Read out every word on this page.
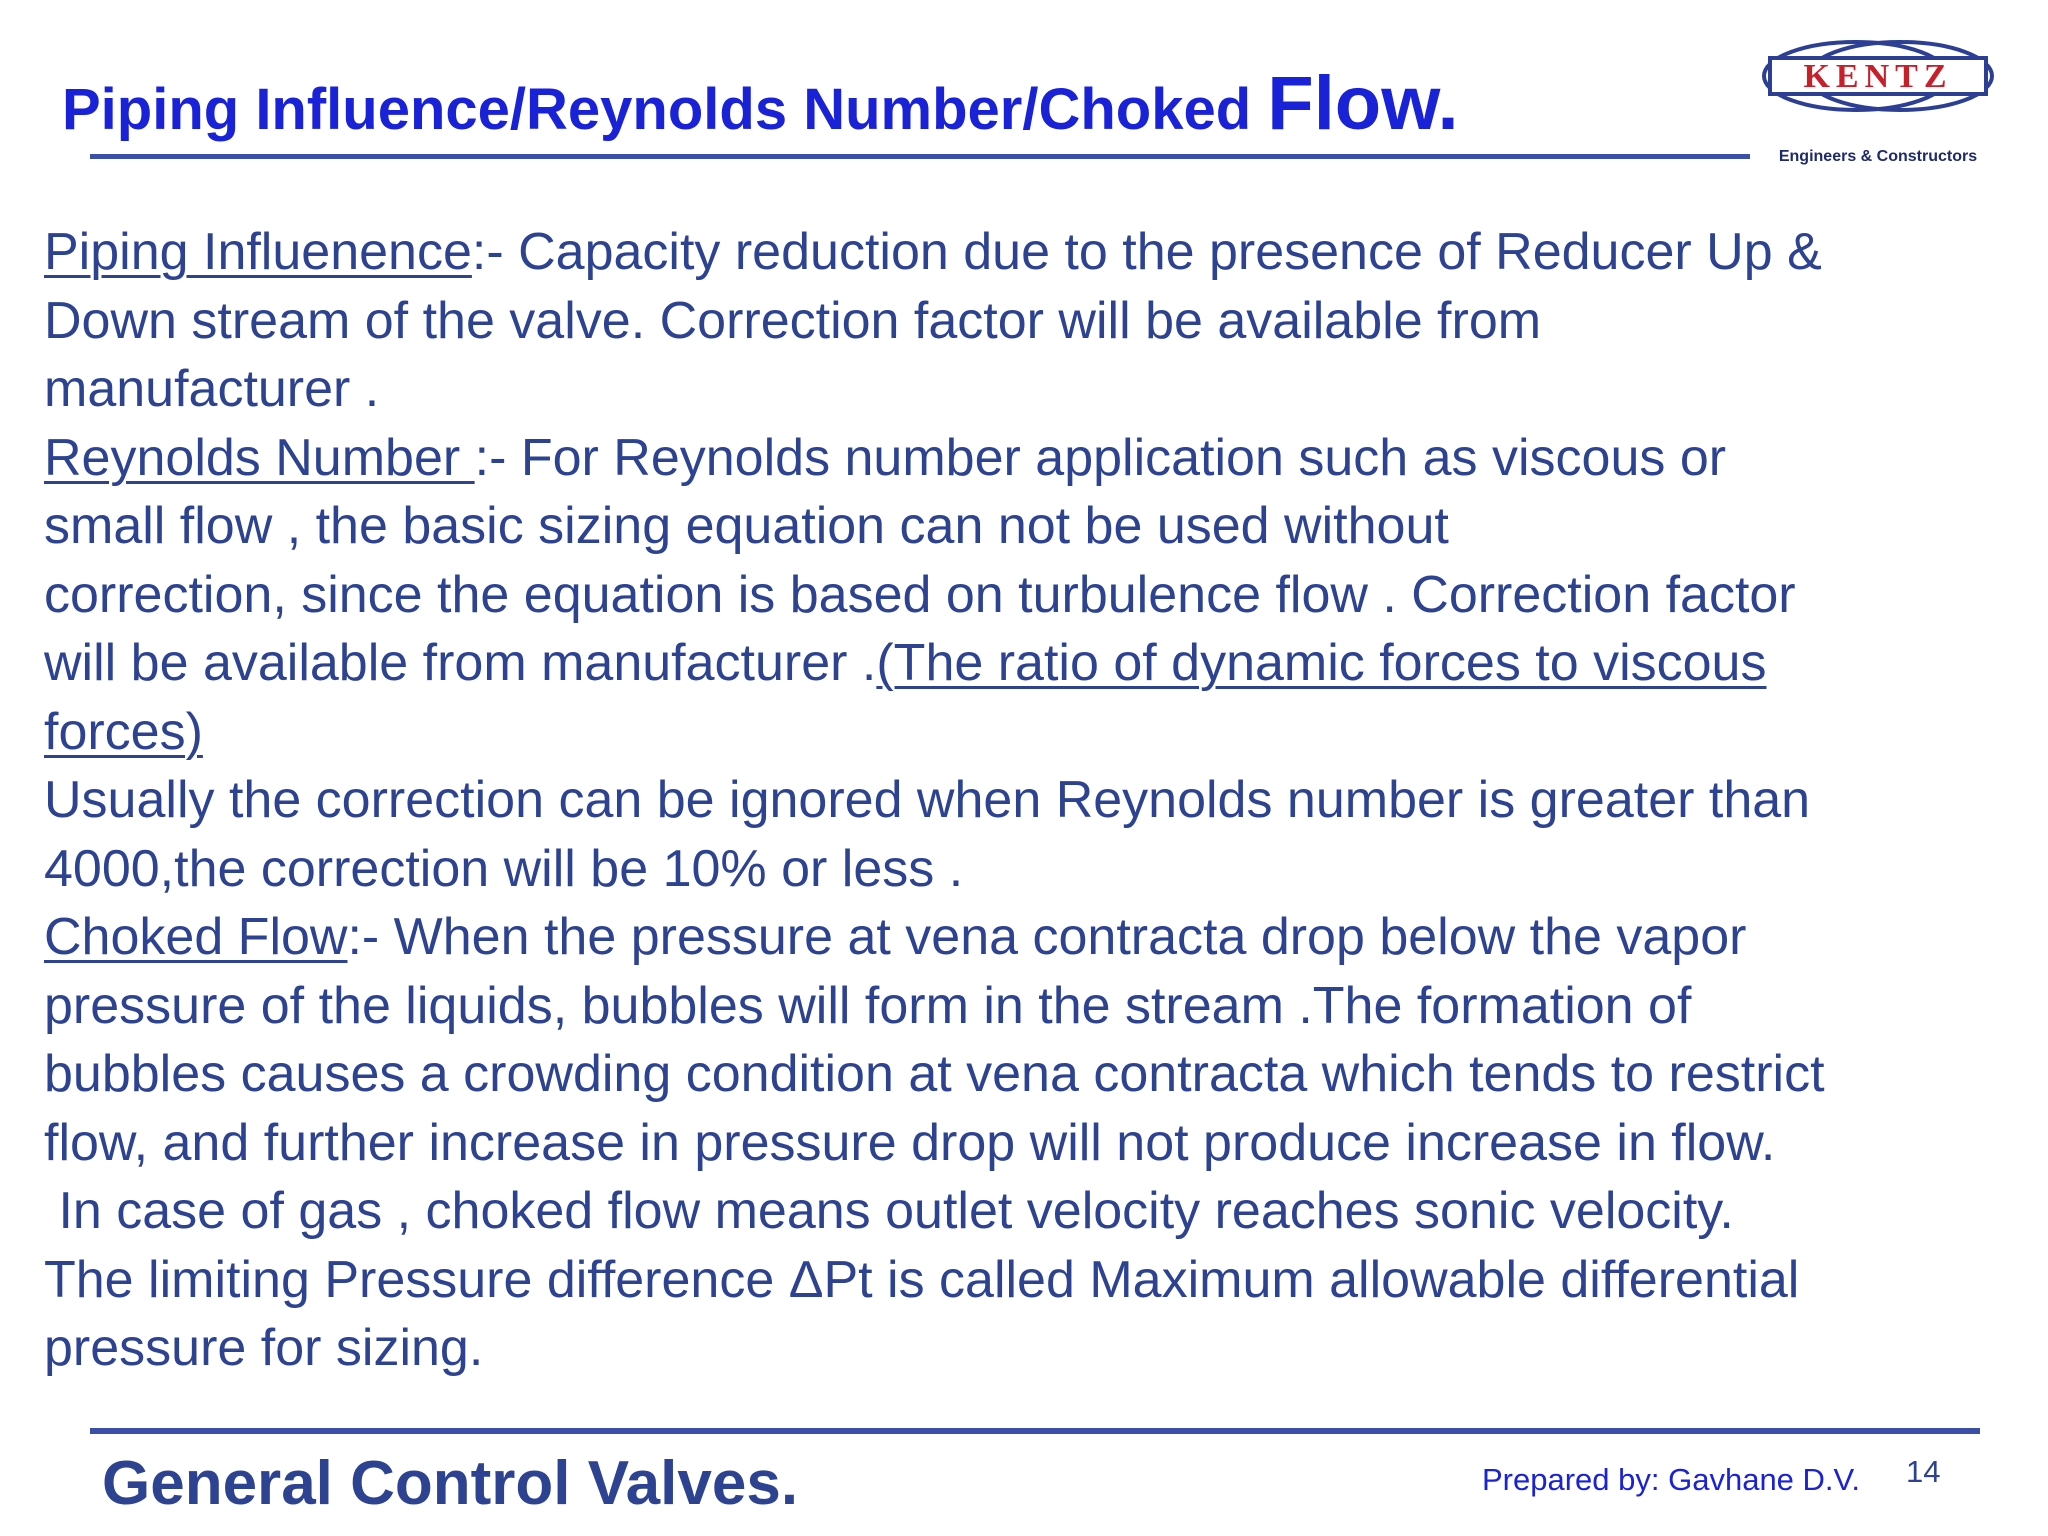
Piping Influence/Reynolds Number/Choked Flow.	KENTZ
Engineers & Constructors

Piping Influenence:- Capacity reduction due to the presence of Reducer Up &

Down stream of the valve. Correction factor will be available from

manufacturer .

Reynolds Number :- For Reynolds number application such as viscous or

small flow , the basic sizing equation can not be used without

correction, since the equation is based on turbulence flow . Correction factor

will be available from manufacturer .(The ratio of dynamic forces to viscous

forces)

Usually the correction can be ignored when Reynolds number is greater than

4000,the correction will be 10% or less .

Choked Flow:- When the pressure at vena contracta drop below the vapor

pressure of the liquids, bubbles will form in the stream .The formation of

bubbles causes a crowding condition at vena contracta which tends to restrict

flow, and further increase in pressure drop will not produce increase in flow.

In case of gas , choked flow means outlet velocity reaches sonic velocity.

The limiting Pressure difference ΔPt is called Maximum allowable differential

pressure for sizing.

General Control Valves.	Prepared by: Gavhane D.V. 14
